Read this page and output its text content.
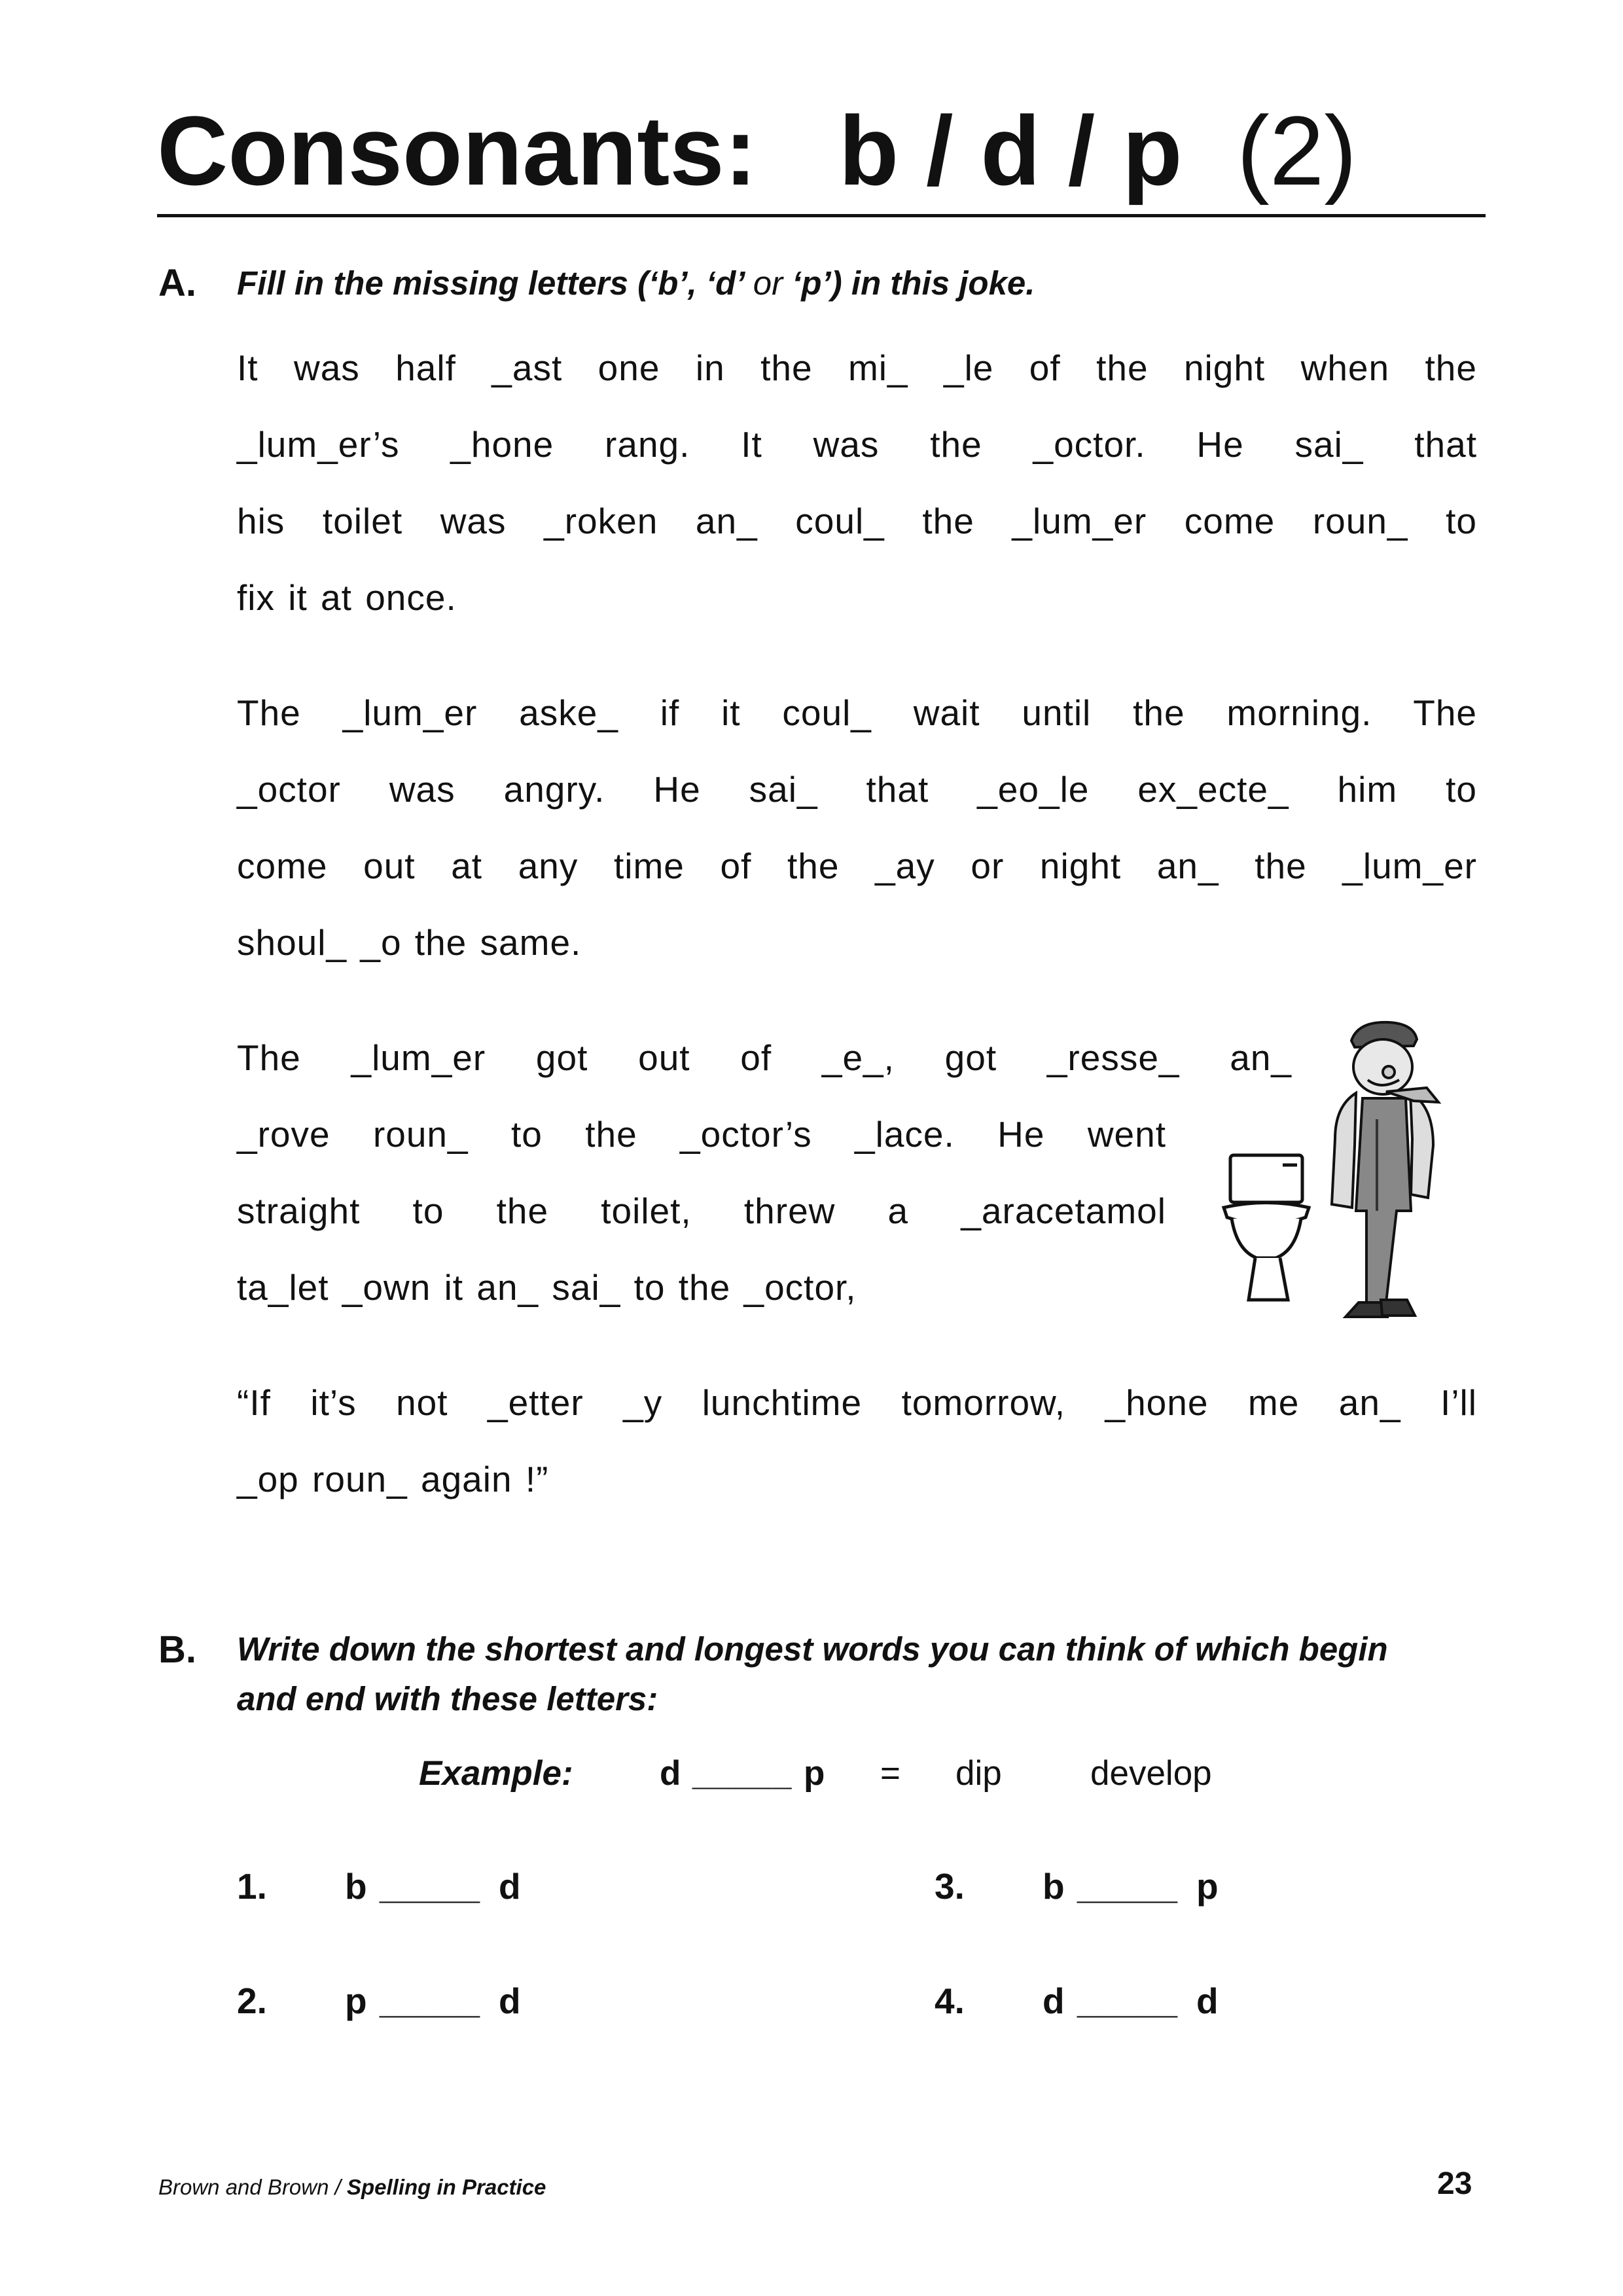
Consonants:   b / d / p (2)
A. Fill in the missing letters (‘b’, ‘d’ or ‘p’) in this joke.
It was half _ast one in the mi_ _le of the night when the
_lum_er’s _hone rang. It was the _octor. He sai_ that
his toilet was _roken an_ coul_ the _lum_er come roun_ to
fix it at once.
The _lum_er aske_ if it coul_ wait until the morning. The
_octor was angry. He sai_ that _eo_le ex_ecte_ him to
come out at any time of the _ay or night an_ the _lum_er
shoul_ _o the same.
The _lum_er got out of _e_, got _resse_ an_
_rove roun_ to the _octor’s _lace. He went
straight to the toilet, threw a _aracetamol
ta_let _own it an_ sai_ to the _octor,
“If it’s not _etter _y lunchtime tomorrow, _hone me an_ I’ll
_op roun_ again !”
B. Write down the shortest and longest words you can think of which begin
and end with these letters:
Example: d _____ p = dip	develop
1. b _____ d
2. p _____ d
3. b _____ p
4. d _____ d
Brown and Brown / Spelling in Practice	23
